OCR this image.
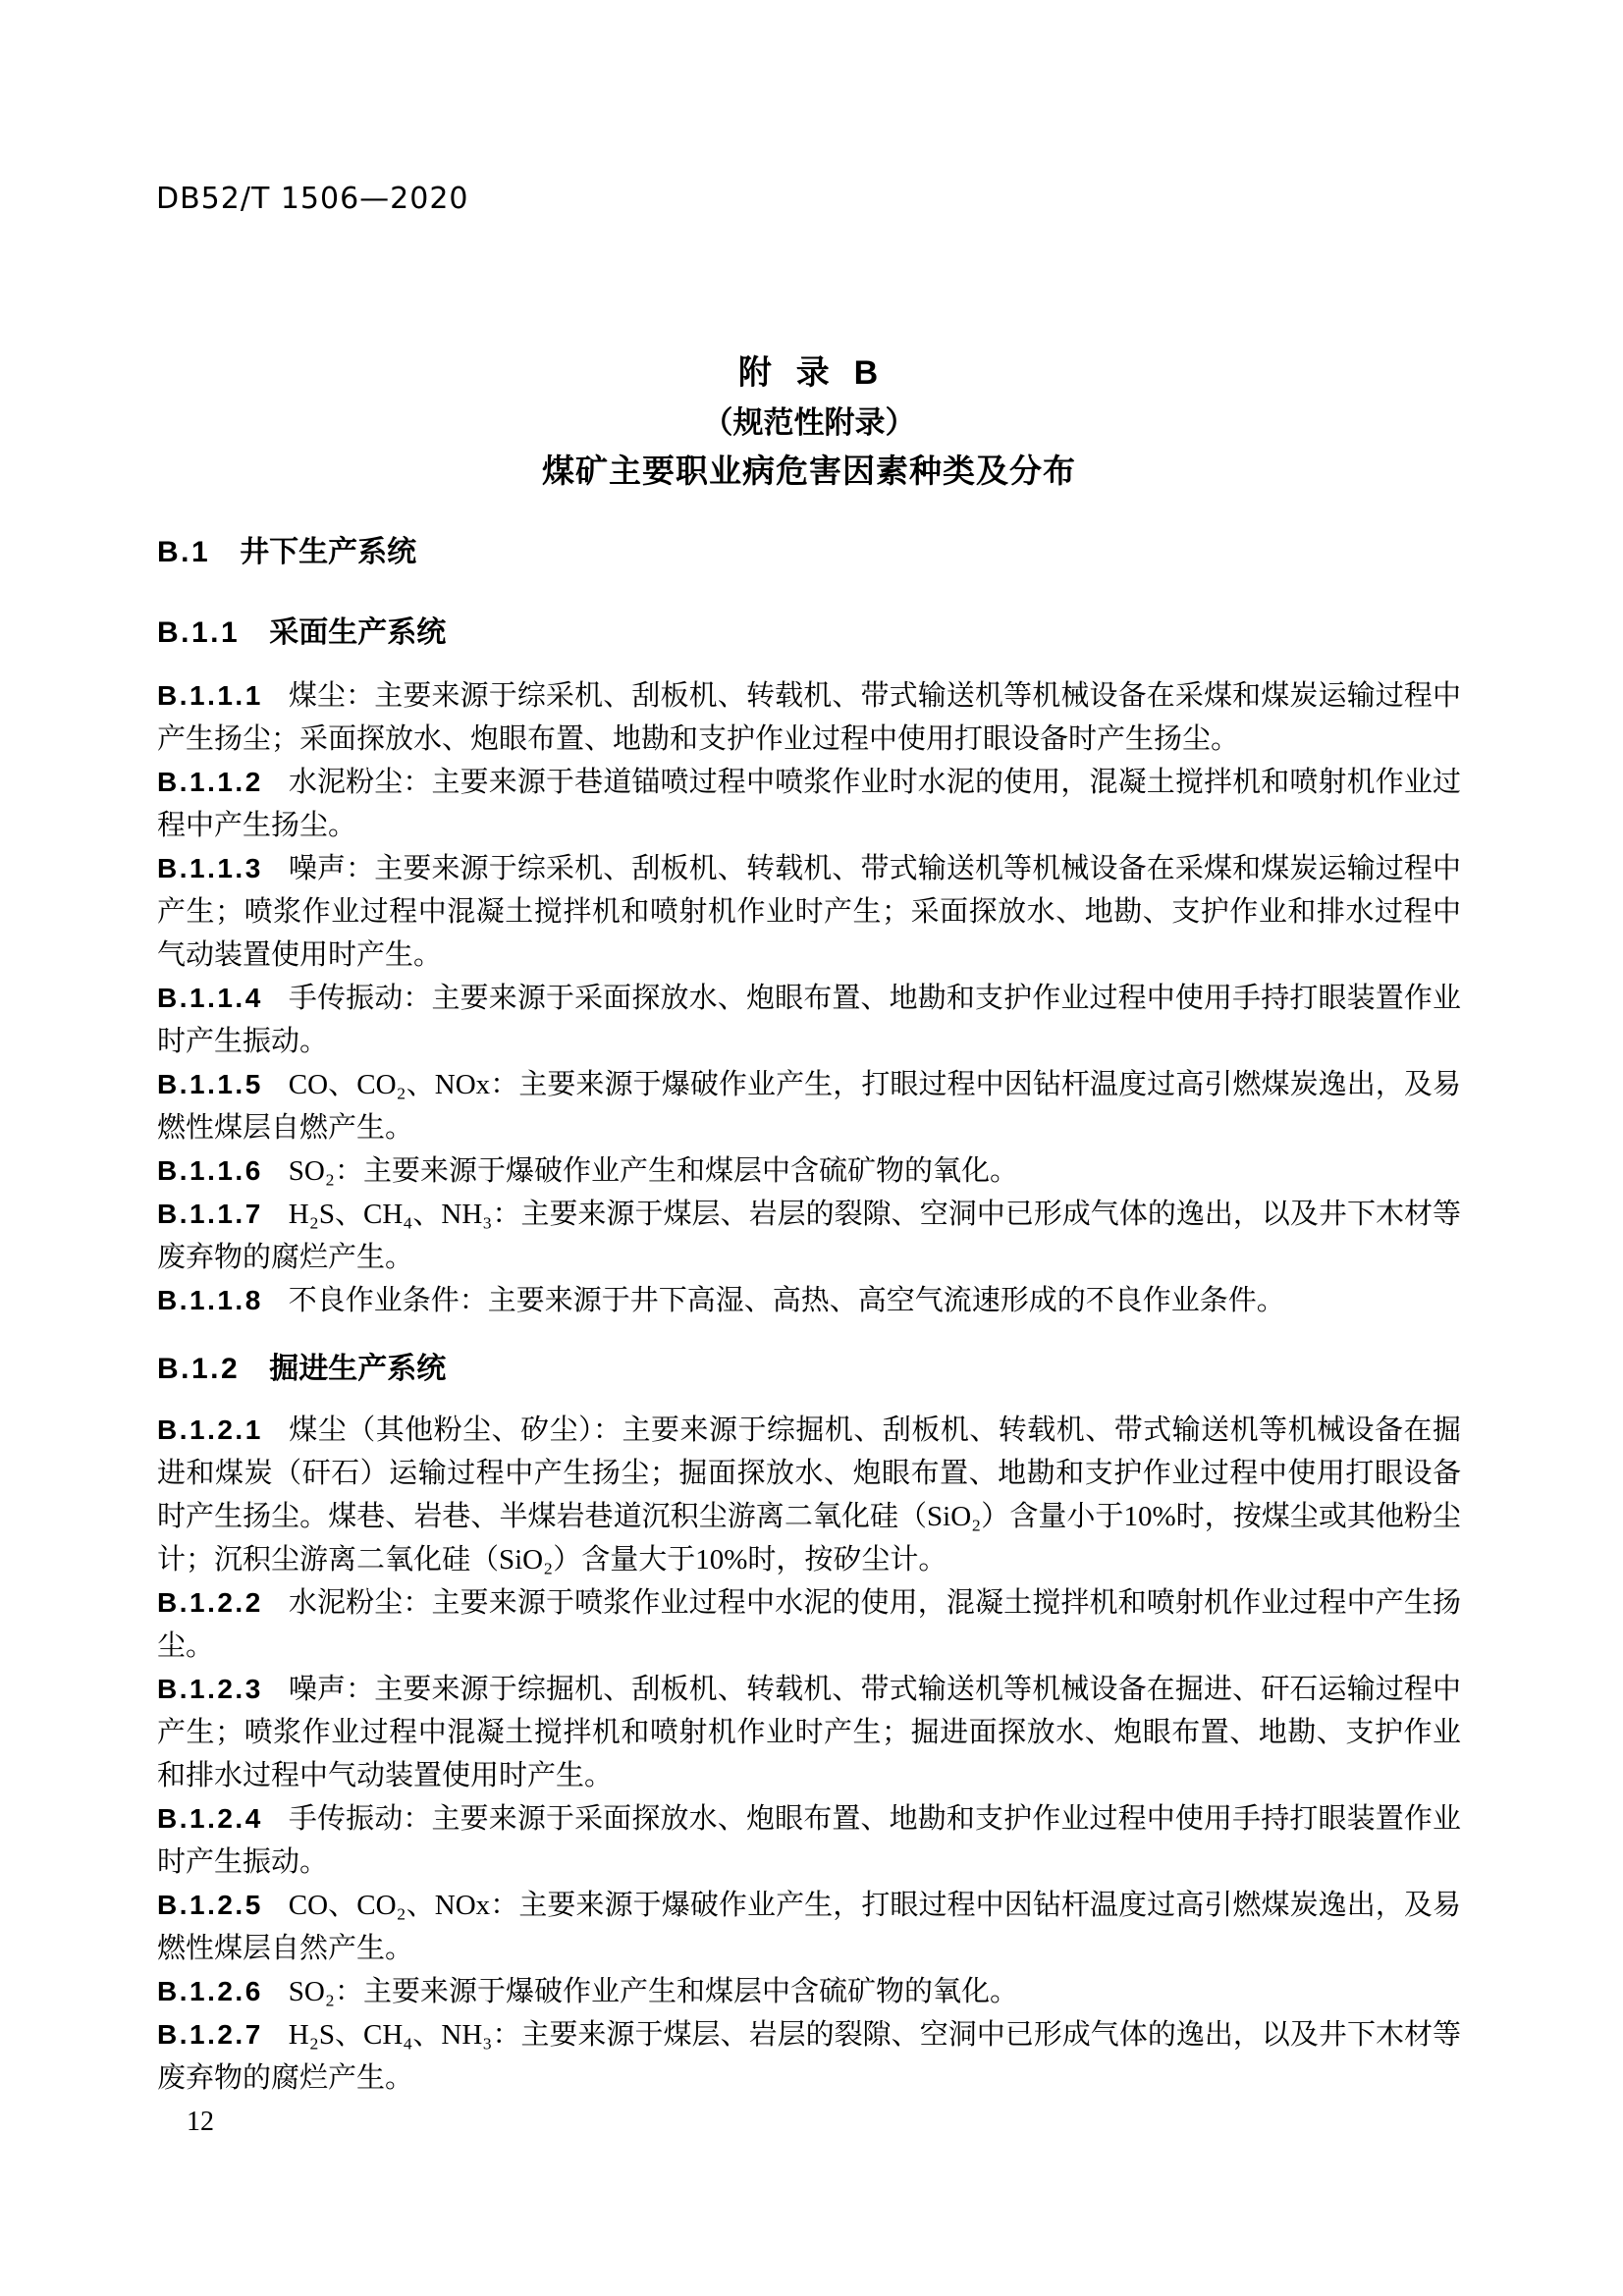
DB52/T 1506—2020
附  录  B
（规范性附录）
煤矿主要职业病危害因素种类及分布
B.1 井下生产系统
B.1.1 采面生产系统

B.1.1.1 煤尘：主要来源于综采机、刮板机、转载机、带式输送机等机械设备在采煤和煤炭运输过程中产生扬尘；采面探放水、炮眼布置、地勘和支护作业过程中使用打眼设备时产生扬尘。

B.1.1.2 水泥粉尘：主要来源于巷道锚喷过程中喷浆作业时水泥的使用，混凝土搅拌机和喷射机作业过程中产生扬尘。

B.1.1.3 噪声：主要来源于综采机、刮板机、转载机、带式输送机等机械设备在采煤和煤炭运输过程中产生；喷浆作业过程中混凝土搅拌机和喷射机作业时产生；采面探放水、地勘、支护作业和排水过程中气动装置使用时产生。

B.1.1.4 手传振动：主要来源于采面探放水、炮眼布置、地勘和支护作业过程中使用手持打眼装置作业时产生振动。

B.1.1.5 CO、CO₂、NOx：主要来源于爆破作业产生，打眼过程中因钻杆温度过高引燃煤炭逸出，及易燃性煤层自燃产生。

B.1.1.6 SO₂：主要来源于爆破作业产生和煤层中含硫矿物的氧化。

B.1.1.7 H₂S、CH₄、NH₃：主要来源于煤层、岩层的裂隙、空洞中已形成气体的逸出，以及井下木材等废弃物的腐烂产生。

B.1.1.8 不良作业条件：主要来源于井下高湿、高热、高空气流速形成的不良作业条件。

B.1.2 掘进生产系统

B.1.2.1 煤尘（其他粉尘、矽尘）：主要来源于综掘机、刮板机、转载机、带式输送机等机械设备在掘进和煤炭（矸石）运输过程中产生扬尘；掘面探放水、炮眼布置、地勘和支护作业过程中使用打眼设备时产生扬尘。煤巷、岩巷、半煤岩巷道沉积尘游离二氧化硅（SiO₂）含量小于10%时，按煤尘或其他粉尘计；沉积尘游离二氧化硅（SiO₂）含量大于10%时，按矽尘计。

B.1.2.2 水泥粉尘：主要来源于喷浆作业过程中水泥的使用，混凝土搅拌机和喷射机作业过程中产生扬尘。

B.1.2.3 噪声：主要来源于综掘机、刮板机、转载机、带式输送机等机械设备在掘进、矸石运输过程中产生；喷浆作业过程中混凝土搅拌机和喷射机作业时产生；掘进面探放水、炮眼布置、地勘、支护作业和排水过程中气动装置使用时产生。

B.1.2.4 手传振动：主要来源于采面探放水、炮眼布置、地勘和支护作业过程中使用手持打眼装置作业时产生振动。

B.1.2.5 CO、CO₂、NOx：主要来源于爆破作业产生，打眼过程中因钻杆温度过高引燃煤炭逸出，及易燃性煤层自然产生。

B.1.2.6 SO₂：主要来源于爆破作业产生和煤层中含硫矿物的氧化。

B.1.2.7 H₂S、CH₄、NH₃：主要来源于煤层、岩层的裂隙、空洞中已形成气体的逸出，以及井下木材等废弃物的腐烂产生。

12
